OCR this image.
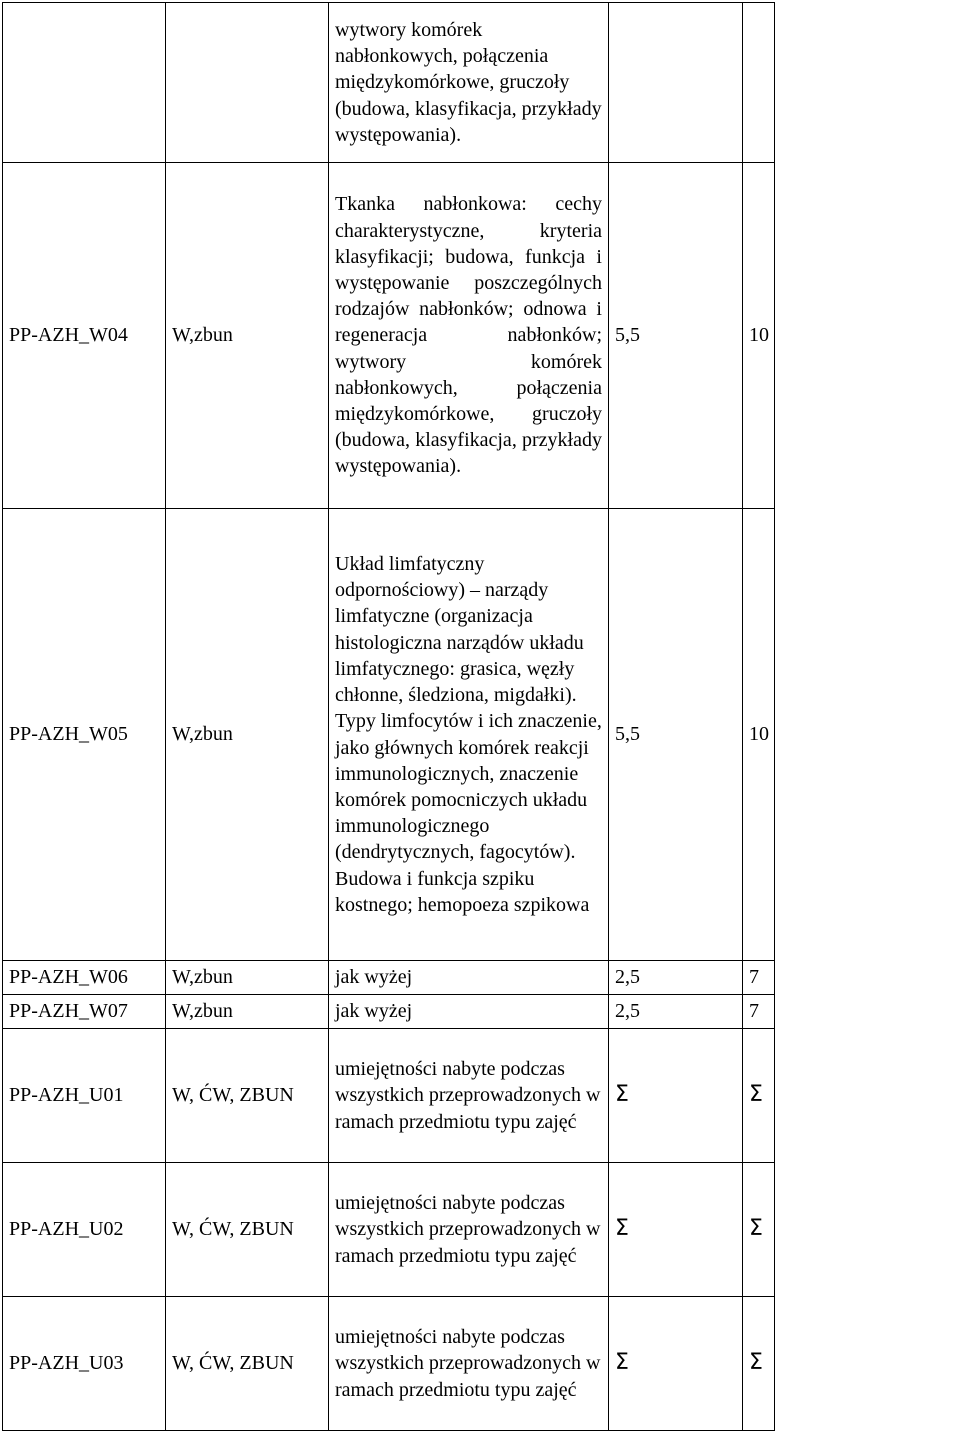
		wytwory komórek nabłonkowych, połączenia międzykomórkowe, gruczoły (budowa, klasyfikacja, przykłady występowania).		
PP-AZH_W04	W,zbun	Tkanka nabłonkowa: cechy charakterystyczne, kryteria klasyfikacji; budowa, funkcja i występowanie poszczególnych rodzajów nabłonków; odnowa i regeneracja nabłonków; wytwory komórek nabłonkowych, połączenia międzykomórkowe, gruczoły (budowa, klasyfikacja, przykłady występowania).	5,5	10
PP-AZH_W05	W,zbun	Układ limfatyczny odpornościowy) – narządy limfatyczne (organizacja histologiczna narządów układu limfatycznego: grasica, węzły chłonne, śledziona, migdałki). Typy limfocytów i ich znaczenie, jako głównych komórek reakcji immunologicznych, znaczenie komórek pomocniczych układu immunologicznego (dendrytycznych, fagocytów). Budowa i funkcja szpiku kostnego; hemopoeza szpikowa	5,5	10
PP-AZH_W06	W,zbun	jak wyżej	2,5	7
PP-AZH_W07	W,zbun	jak wyżej	2,5	7
PP-AZH_U01	W, ĆW, ZBUN	umiejętności nabyte podczas wszystkich przeprowadzonych w ramach przedmiotu typu zajęć	Σ	Σ
PP-AZH_U02	W, ĆW, ZBUN	umiejętności nabyte podczas wszystkich przeprowadzonych w ramach przedmiotu typu zajęć	Σ	Σ
PP-AZH_U03	W, ĆW, ZBUN	umiejętności nabyte podczas wszystkich przeprowadzonych w ramach przedmiotu typu zajęć	Σ	Σ
